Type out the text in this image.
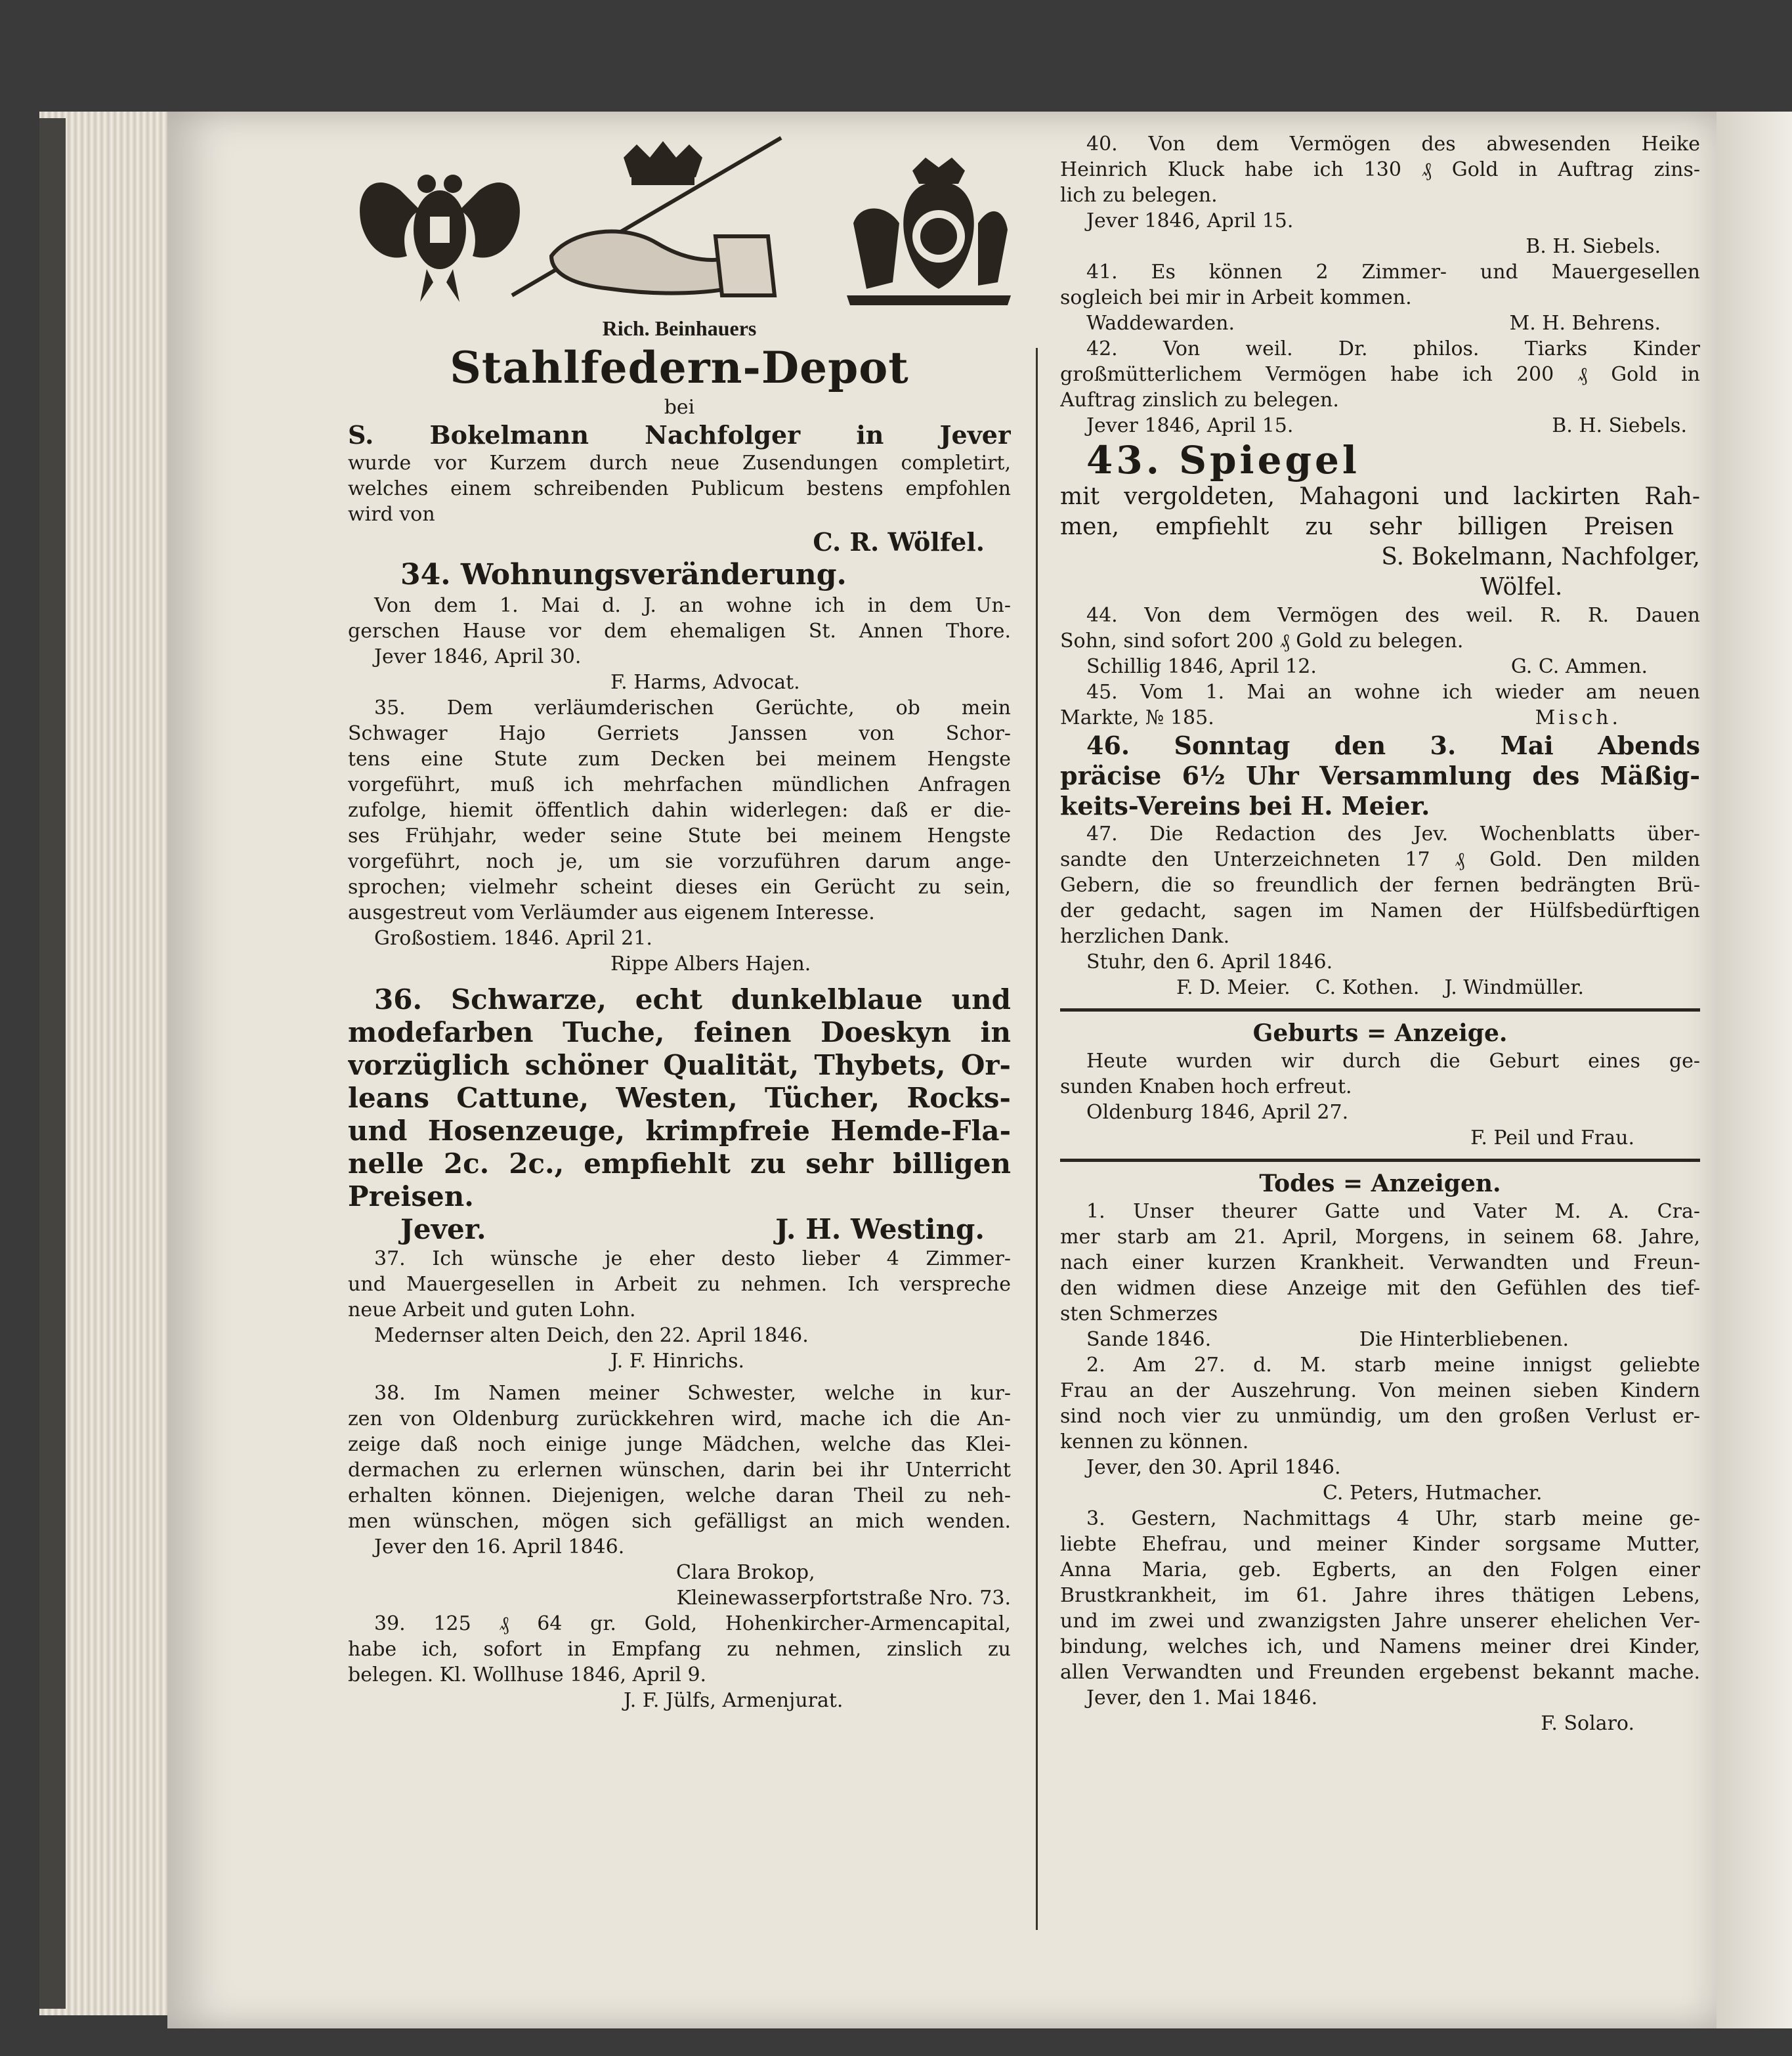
Rich. Beinhauers
Stahlfedern-Depot
bei
S. Bokelmann Nachfolger in Jever
wurde vor Kurzem durch neue Zusendungen completirt,
welches einem schreibenden Publicum bestens empfohlen
wird von
C. R. Wölfel.
34. Wohnungsveränderung.
Von dem 1. Mai d. J. an wohne ich in dem Un-
gerschen Hause vor dem ehemaligen St. Annen Thore.
Jever 1846, April 30.
F. Harms, Advocat.
35. Dem verläumderischen Gerüchte, ob mein
Schwager Hajo Gerriets Janssen von Schor-
tens eine Stute zum Decken bei meinem Hengste
vorgeführt, muß ich mehrfachen mündlichen Anfragen
zufolge, hiemit öffentlich dahin widerlegen: daß er die-
ses Frühjahr, weder seine Stute bei meinem Hengste
vorgeführt, noch je, um sie vorzuführen darum ange-
sprochen; vielmehr scheint dieses ein Gerücht zu sein,
ausgestreut vom Verläumder aus eigenem Interesse.
Großostiem. 1846. April 21.
Rippe Albers Hajen.
36. Schwarze, echt dunkelblaue und
modefarben Tuche, feinen Doeskyn in
vorzüglich schöner Qualität, Thybets, Or-
leans Cattune, Westen, Tücher, Rocks-
und Hosenzeuge, krimpfreie Hemde-Fla-
nelle 2c. 2c., empfiehlt zu sehr billigen
Preisen.
Jever.	J. H. Westing.
37. Ich wünsche je eher desto lieber 4 Zimmer-
und Mauergesellen in Arbeit zu nehmen. Ich verspreche
neue Arbeit und guten Lohn.
Medernser alten Deich, den 22. April 1846.
J. F. Hinrichs.
38. Im Namen meiner Schwester, welche in kur-
zen von Oldenburg zurückkehren wird, mache ich die An-
zeige daß noch einige junge Mädchen, welche das Klei-
dermachen zu erlernen wünschen, darin bei ihr Unterricht
erhalten können. Diejenigen, welche daran Theil zu neh-
men wünschen, mögen sich gefälligst an mich wenden.
Jever den 16. April 1846.
Clara Brokop,
Kleinewasserpfortstraße Nro. 73.
39. 125 ₰ 64 gr. Gold, Hohenkircher-Armencapital,
habe ich, sofort in Empfang zu nehmen, zinslich zu
belegen. Kl. Wollhuse 1846, April 9.
J. F. Jülfs, Armenjurat.
40. Von dem Vermögen des abwesenden Heike
Heinrich Kluck habe ich 130 ₰ Gold in Auftrag zins-
lich zu belegen.
Jever 1846, April 15.
B. H. Siebels.
41. Es können 2 Zimmer- und Mauergesellen
sogleich bei mir in Arbeit kommen.
Waddewarden.	M. H. Behrens.
42. Von weil. Dr. philos. Tiarks Kinder
großmütterlichem Vermögen habe ich 200 ₰ Gold in
Auftrag zinslich zu belegen.
Jever 1846, April 15.	B. H. Siebels.
43. Spiegel
mit vergoldeten, Mahagoni und lackirten Rah-
men, empfiehlt zu sehr billigen Preisen
S. Bokelmann, Nachfolger,
Wölfel.
44. Von dem Vermögen des weil. R. R. Dauen
Sohn, sind sofort 200 ₰ Gold zu belegen.
Schillig 1846, April 12.	G. C. Ammen.
45. Vom 1. Mai an wohne ich wieder am neuen
Markte, № 185.	Misch.
46. Sonntag den 3. Mai Abends
präcise 6½ Uhr Versammlung des Mäßig-
keits-Vereins bei H. Meier.
47. Die Redaction des Jev. Wochenblatts über-
sandte den Unterzeichneten 17 ₰ Gold. Den milden
Gebern, die so freundlich der fernen bedrängten Brü-
der gedacht, sagen im Namen der Hülfsbedürftigen
herzlichen Dank.
Stuhr, den 6. April 1846.
F. D. Meier.    C. Kothen.    J. Windmüller.
Geburts = Anzeige.
Heute wurden wir durch die Geburt eines ge-
sunden Knaben hoch erfreut.
Oldenburg 1846, April 27.
F. Peil und Frau.
Todes = Anzeigen.
1. Unser theurer Gatte und Vater M. A. Cra-
mer starb am 21. April, Morgens, in seinem 68. Jahre,
nach einer kurzen Krankheit. Verwandten und Freun-
den widmen diese Anzeige mit den Gefühlen des tief-
sten Schmerzes
Sande 1846.	Die Hinterbliebenen.
2. Am 27. d. M. starb meine innigst geliebte
Frau an der Auszehrung. Von meinen sieben Kindern
sind noch vier zu unmündig, um den großen Verlust er-
kennen zu können.
Jever, den 30. April 1846.
C. Peters, Hutmacher.
3. Gestern, Nachmittags 4 Uhr, starb meine ge-
liebte Ehefrau, und meiner Kinder sorgsame Mutter,
Anna Maria, geb. Egberts, an den Folgen einer
Brustkrankheit, im 61. Jahre ihres thätigen Lebens,
und im zwei und zwanzigsten Jahre unserer ehelichen Ver-
bindung, welches ich, und Namens meiner drei Kinder,
allen Verwandten und Freunden ergebenst bekannt mache.
Jever, den 1. Mai 1846.
F. Solaro.
